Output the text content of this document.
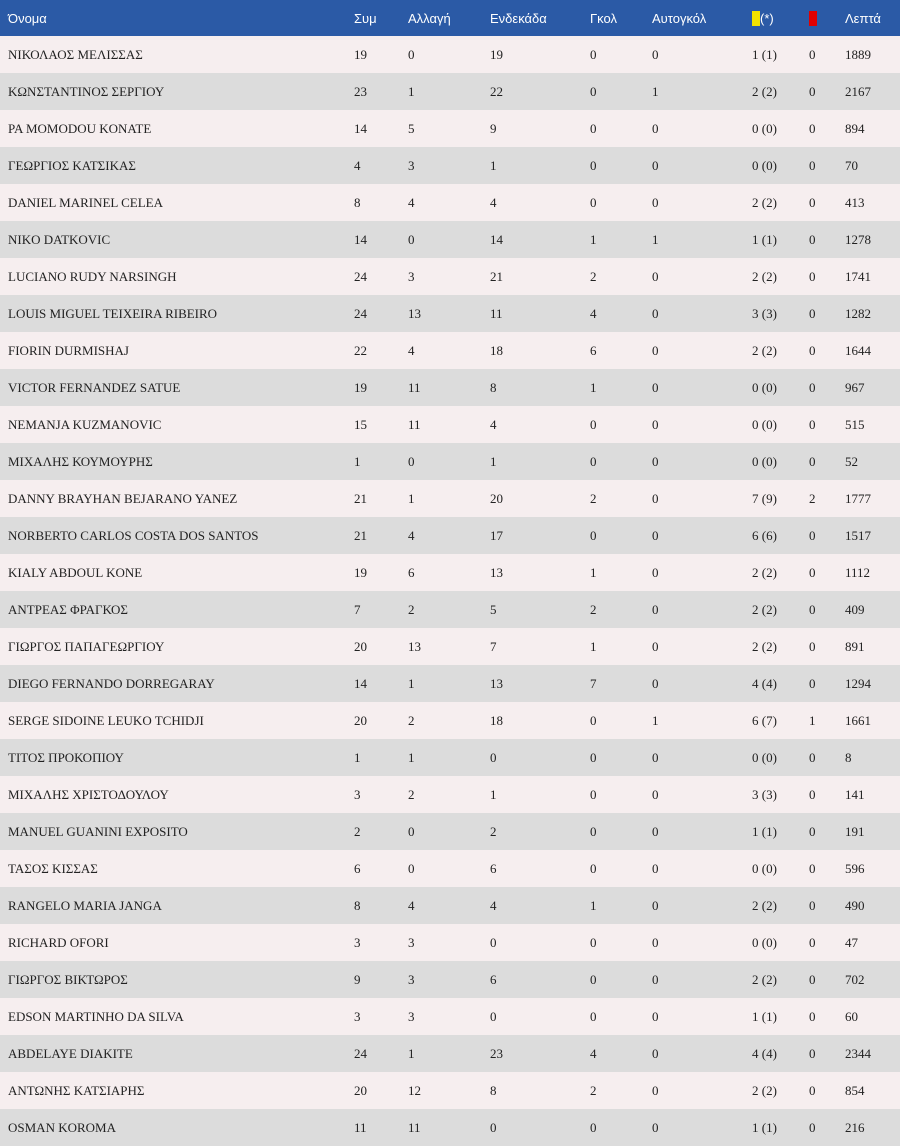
Όνομα	Συμ	Αλλαγή	Ενδεκάδα	Γκολ	Αυτογκόλ	(*)		Λεπτά
ΝΙΚΟΛΑΟΣ ΜΕΛΙΣΣΑΣ	19	0	19	0	0	1 (1)	0	1889
ΚΩΝΣΤΑΝΤΙΝΟΣ ΣΕΡΓΙΟΥ	23	1	22	0	1	2 (2)	0	2167
PA MOMODOU KONATE	14	5	9	0	0	0 (0)	0	894
ΓΕΩΡΓΙΟΣ ΚΑΤΣΙΚΑΣ	4	3	1	0	0	0 (0)	0	70
DANIEL MARINEL CELEA	8	4	4	0	0	2 (2)	0	413
NIKO DATKOVIC	14	0	14	1	1	1 (1)	0	1278
LUCIANO RUDY NARSINGH	24	3	21	2	0	2 (2)	0	1741
LOUIS MIGUEL TEIXEIRA RIBEIRO	24	13	11	4	0	3 (3)	0	1282
FIORIN DURMISHAJ	22	4	18	6	0	2 (2)	0	1644
VICTOR FERNANDEZ SATUE	19	11	8	1	0	0 (0)	0	967
NEMANJA KUZMANOVIC	15	11	4	0	0	0 (0)	0	515
ΜΙΧΑΛΗΣ ΚΟΥΜΟΥΡΗΣ	1	0	1	0	0	0 (0)	0	52
DANNY BRAYHAN BEJARANO YANEZ	21	1	20	2	0	7 (9)	2	1777
NORBERTO CARLOS COSTA DOS SANTOS	21	4	17	0	0	6 (6)	0	1517
KIALY ABDOUL KONE	19	6	13	1	0	2 (2)	0	1112
ΑΝΤΡΕΑΣ ΦΡΑΓΚΟΣ	7	2	5	2	0	2 (2)	0	409
ΓΙΩΡΓΟΣ ΠΑΠΑΓΕΩΡΓΙΟΥ	20	13	7	1	0	2 (2)	0	891
DIEGO FERNANDO DORREGARAY	14	1	13	7	0	4 (4)	0	1294
SERGE SIDOINE LEUKO TCHIDJI	20	2	18	0	1	6 (7)	1	1661
ΤΙΤΟΣ ΠΡΟΚΟΠΙΟΥ	1	1	0	0	0	0 (0)	0	8
ΜΙΧΑΛΗΣ ΧΡΙΣΤΟΔΟΥΛΟΥ	3	2	1	0	0	3 (3)	0	141
MANUEL GUANINI EXPOSITO	2	0	2	0	0	1 (1)	0	191
ΤΑΣΟΣ ΚΙΣΣΑΣ	6	0	6	0	0	0 (0)	0	596
RANGELO MARIA JANGA	8	4	4	1	0	2 (2)	0	490
RICHARD OFORI	3	3	0	0	0	0 (0)	0	47
ΓΙΩΡΓΟΣ ΒΙΚΤΩΡΟΣ	9	3	6	0	0	2 (2)	0	702
EDSON MARTINHO DA SILVA	3	3	0	0	0	1 (1)	0	60
ABDELAYE DIAKITE	24	1	23	4	0	4 (4)	0	2344
ΑΝΤΩΝΗΣ ΚΑΤΣΙΑΡΗΣ	20	12	8	2	0	2 (2)	0	854
OSMAN KOROMA	11	11	0	0	0	1 (1)	0	216
